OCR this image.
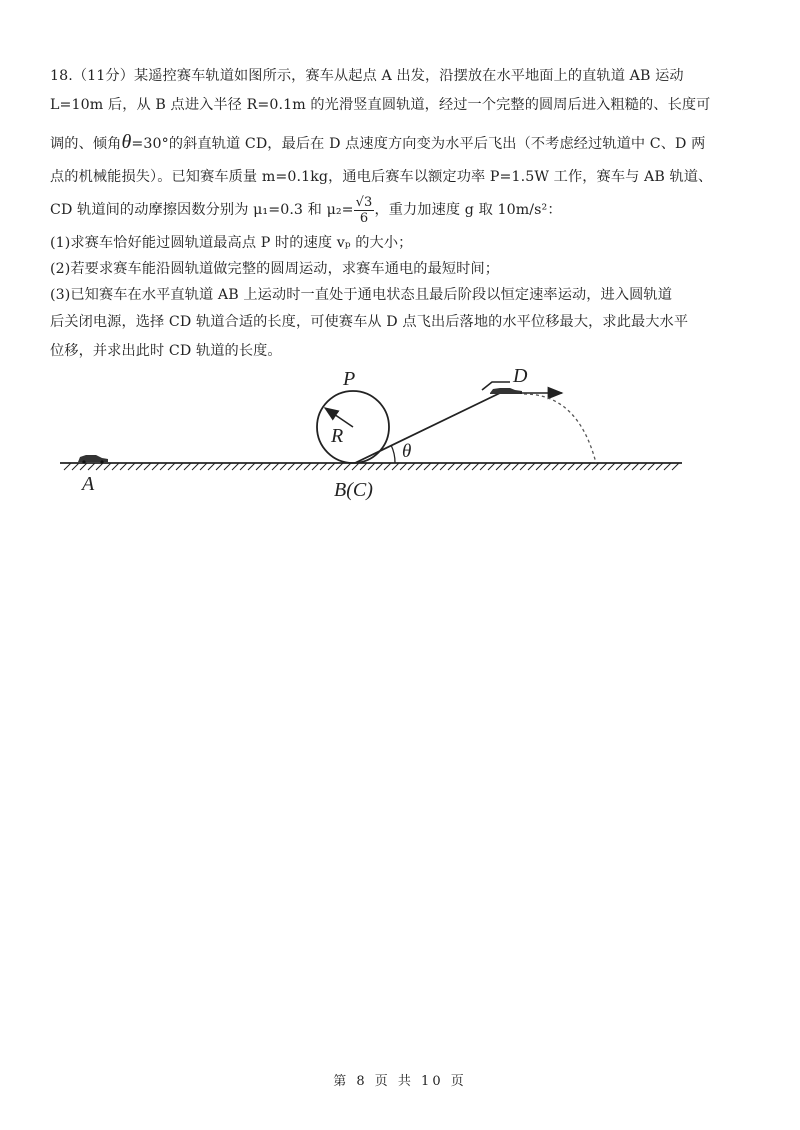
18.（11分）某遥控赛车轨道如图所示，赛车从起点 A 出发，沿摆放在水平地面上的直轨道 AB 运动
L=10m 后，从 B 点进入半径 R=0.1m 的光滑竖直圆轨道，经过一个完整的圆周后进入粗糙的、长度可
调的、倾角θ=30°的斜直轨道 CD，最后在 D 点速度方向变为水平后飞出（不考虑经过轨道中 C、D 两
点的机械能损失）。已知赛车质量 m=0.1kg，通电后赛车以额定功率 P=1.5W 工作，赛车与 AB 轨道、
CD 轨道间的动摩擦因数分别为 μ₁=0.3 和 $\mu_2= \frac{√3}{6}$ ，重力加速度 g 取 10m/s²：
(1)求赛车恰好能过圆轨道最高点 P 时的速度 vₚ 的大小；
(2)若要求赛车能沿圆轨道做完整的圆周运动，求赛车通电的最短时间；
(3)已知赛车在水平直轨道 AB 上运动时一直处于通电状态且最后阶段以恒定速率运动，进入圆轨道
后关闭电源，选择 CD 轨道合适的长度，可使赛车从 D 点飞出后落地的水平位移最大，求此最大水平
位移，并求出此时 CD 轨道的长度。
A
P
R
θ
D
B(C)
第 8 页 共 10 页
